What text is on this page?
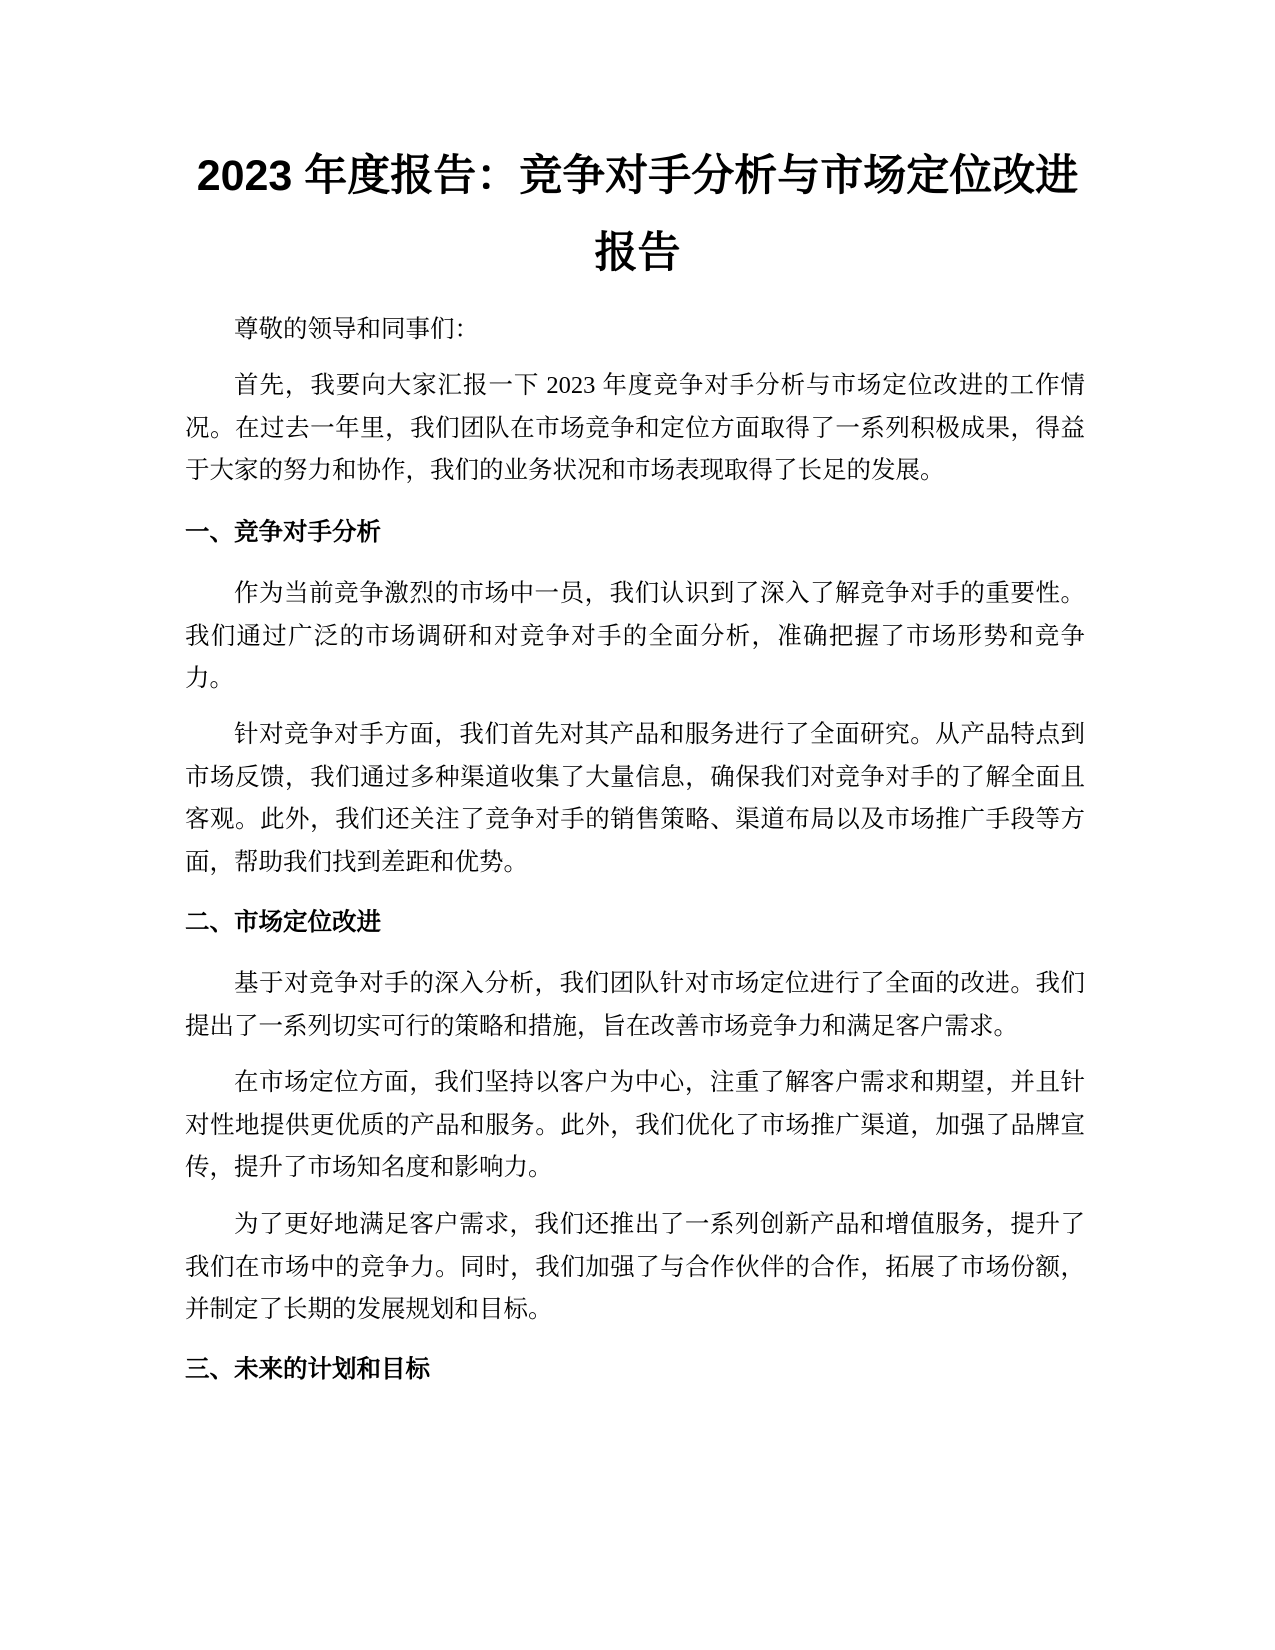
2023 年度报告：竞争对手分析与市场定位改进报告

尊敬的领导和同事们：

首先，我要向大家汇报一下 2023 年度竞争对手分析与市场定位改进的工作情况。在过去一年里，我们团队在市场竞争和定位方面取得了一系列积极成果，得益于大家的努力和协作，我们的业务状况和市场表现取得了长足的发展。

一、竞争对手分析

作为当前竞争激烈的市场中一员，我们认识到了深入了解竞争对手的重要性。我们通过广泛的市场调研和对竞争对手的全面分析，准确把握了市场形势和竞争力。

针对竞争对手方面，我们首先对其产品和服务进行了全面研究。从产品特点到市场反馈，我们通过多种渠道收集了大量信息，确保我们对竞争对手的了解全面且客观。此外，我们还关注了竞争对手的销售策略、渠道布局以及市场推广手段等方面，帮助我们找到差距和优势。

二、市场定位改进

基于对竞争对手的深入分析，我们团队针对市场定位进行了全面的改进。我们提出了一系列切实可行的策略和措施，旨在改善市场竞争力和满足客户需求。

在市场定位方面，我们坚持以客户为中心，注重了解客户需求和期望，并且针对性地提供更优质的产品和服务。此外，我们优化了市场推广渠道，加强了品牌宣传，提升了市场知名度和影响力。

为了更好地满足客户需求，我们还推出了一系列创新产品和增值服务，提升了我们在市场中的竞争力。同时，我们加强了与合作伙伴的合作，拓展了市场份额，并制定了长期的发展规划和目标。

三、未来的计划和目标
